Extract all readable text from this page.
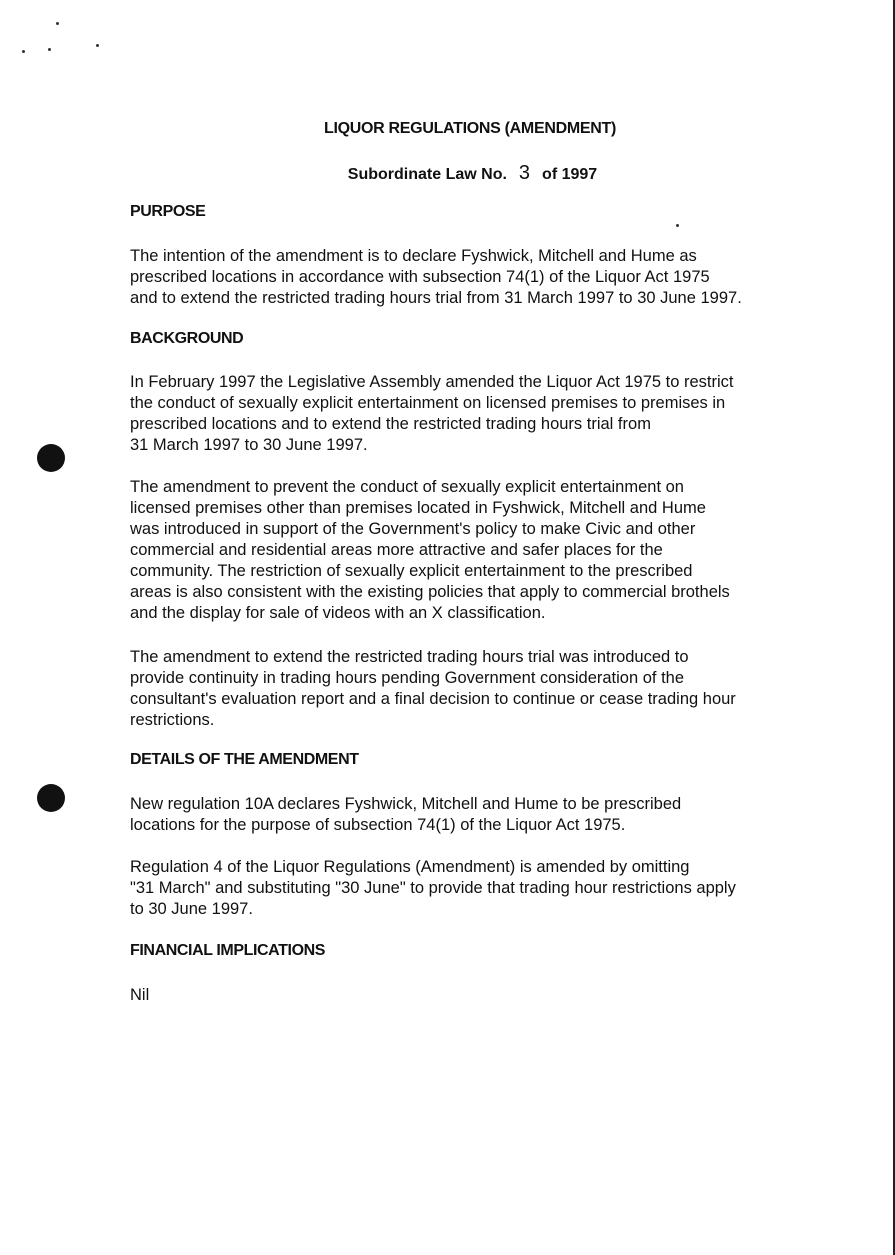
LIQUOR REGULATIONS (AMENDMENT)
Subordinate Law No. 3 of 1997
PURPOSE
The intention of the amendment is to declare Fyshwick, Mitchell and Hume as
prescribed locations in accordance with subsection 74(1) of the Liquor Act 1975
and to extend the restricted trading hours trial from 31 March 1997 to 30 June 1997.
BACKGROUND
In February 1997 the Legislative Assembly amended the Liquor Act 1975 to restrict
the conduct of sexually explicit entertainment on licensed premises to premises in
prescribed locations and to extend the restricted trading hours trial from
31 March 1997 to 30 June 1997.
The amendment to prevent the conduct of sexually explicit entertainment on
licensed premises other than premises located in Fyshwick, Mitchell and Hume
was introduced in support of the Government's policy to make Civic and other
commercial and residential areas more attractive and safer places for the
community. The restriction of sexually explicit entertainment to the prescribed
areas is also consistent with the existing policies that apply to commercial brothels
and the display for sale of videos with an X classification.
The amendment to extend the restricted trading hours trial was introduced to
provide continuity in trading hours pending Government consideration of the
consultant's evaluation report and a final decision to continue or cease trading hour
restrictions.
DETAILS OF THE AMENDMENT
New regulation 10A declares Fyshwick, Mitchell and Hume to be prescribed
locations for the purpose of subsection 74(1) of the Liquor Act 1975.
Regulation 4 of the Liquor Regulations (Amendment) is amended by omitting
"31 March" and substituting "30 June" to provide that trading hour restrictions apply
to 30 June 1997.
FINANCIAL IMPLICATIONS
Nil
